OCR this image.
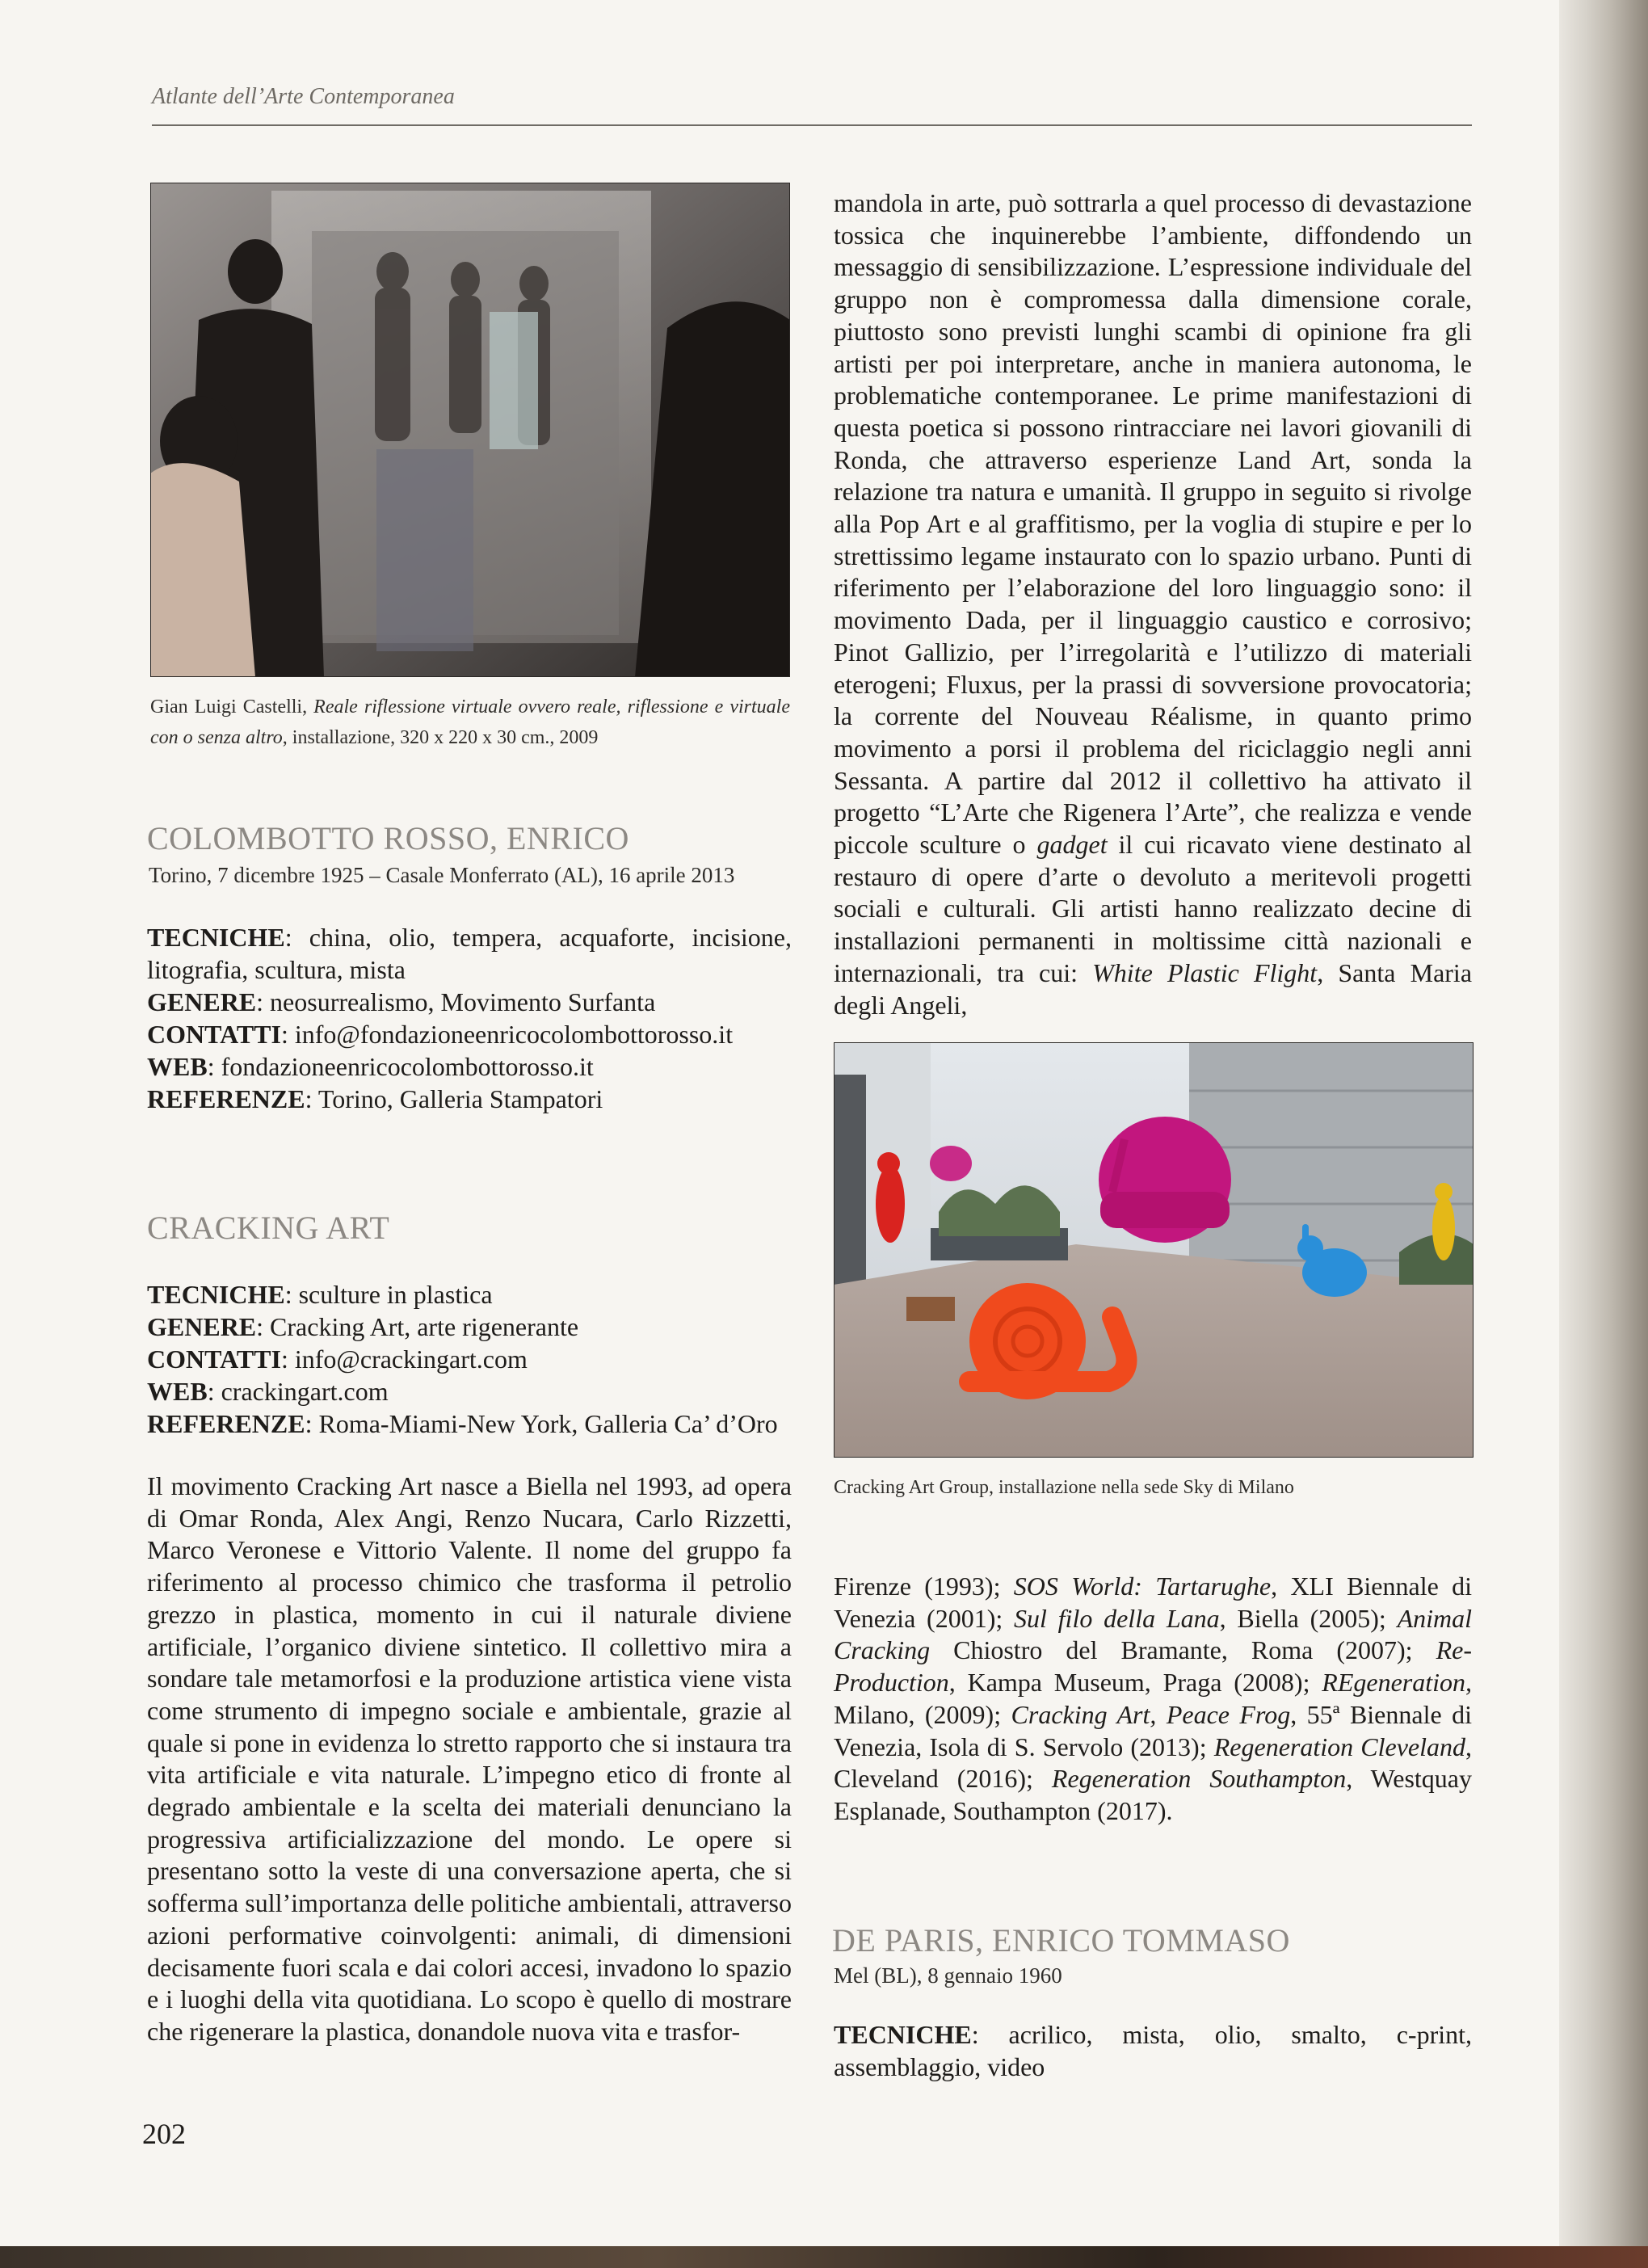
Atlante dell’Arte Contemporanea
Gian Luigi Castelli, Reale riflessione virtuale ovvero reale, riflessione e virtuale con o senza altro, installazione, 320 x 220 x 30 cm., 2009
COLOMBOTTO ROSSO, ENRICO
Torino, 7 dicembre 1925 – Casale Monferrato (AL), 16 aprile 2013
TECNICHE: china, olio, tempera, acquaforte, incisione, litografia, scultura, mista
GENERE: neosurrealismo, Movimento Surfanta
CONTATTI: info@fondazioneenricocolombottorosso.it
WEB: fondazioneenricocolombottorosso.it
REFERENZE: Torino, Galleria Stampatori
CRACKING ART
TECNICHE: sculture in plastica
GENERE: Cracking Art, arte rigenerante
CONTATTI: info@crackingart.com
WEB: crackingart.com
REFERENZE: Roma-Miami-New York, Galleria Ca’ d’Oro
Il movimento Cracking Art nasce a Biella nel 1993, ad opera di Omar Ronda, Alex Angi, Renzo Nucara, Carlo Rizzetti, Marco Veronese e Vittorio Valente. Il nome del gruppo fa riferimento al processo chimico che trasforma il petrolio grezzo in plastica, momento in cui il naturale diviene artificiale, l’organico diviene sintetico. Il collettivo mira a sondare tale metamorfosi e la produzione artistica viene vista come strumento di impegno sociale e ambientale, grazie al quale si pone in evidenza lo stretto rapporto che si instaura tra vita artificiale e vita naturale. L’impegno etico di fronte al degrado ambientale e la scelta dei materiali denunciano la progressiva artificializzazione del mondo. Le opere si presentano sotto la veste di una conversazione aperta, che si sofferma sull’importanza delle politiche ambientali, attraverso azioni performative coinvolgenti: animali, di dimensioni decisamente fuori scala e dai colori accesi, invadono lo spazio e i luoghi della vita quotidiana. Lo scopo è quello di mostrare che rigenerare la plastica, donandole nuova vita e trasfor-
mandola in arte, può sottrarla a quel processo di devastazione tossica che inquinerebbe l’ambiente, diffondendo un messaggio di sensibilizzazione. L’espressione individuale del gruppo non è compromessa dalla dimensione corale, piuttosto sono previsti lunghi scambi di opinione fra gli artisti per poi interpretare, anche in maniera autonoma, le problematiche contemporanee. Le prime manifestazioni di questa poetica si possono rintracciare nei lavori giovanili di Ronda, che attraverso esperienze Land Art, sonda la relazione tra natura e umanità. Il gruppo in seguito si rivolge alla Pop Art e al graffitismo, per la voglia di stupire e per lo strettissimo legame instaurato con lo spazio urbano. Punti di riferimento per l’elaborazione del loro linguaggio sono: il movimento Dada, per il linguaggio caustico e corrosivo; Pinot Gallizio, per l’irregolarità e l’utilizzo di materiali eterogeni; Fluxus, per la prassi di sovversione provocatoria; la corrente del Nouveau Réalisme, in quanto primo movimento a porsi il problema del riciclaggio negli anni Sessanta. A partire dal 2012 il collettivo ha attivato il progetto “L’Arte che Rigenera l’Arte”, che realizza e vende piccole sculture o gadget il cui ricavato viene destinato al restauro di opere d’arte o devoluto a meritevoli progetti sociali e culturali. Gli artisti hanno realizzato decine di installazioni permanenti in moltissime città nazionali e internazionali, tra cui: White Plastic Flight, Santa Maria degli Angeli,
Cracking Art Group, installazione nella sede Sky di Milano
Firenze (1993); SOS World: Tartarughe, XLI Biennale di Venezia (2001); Sul filo della Lana, Biella (2005); Animal Cracking Chiostro del Bramante, Roma (2007); Re-Production, Kampa Museum, Praga (2008); REgeneration, Milano, (2009); Cracking Art, Peace Frog, 55ª Biennale di Venezia, Isola di S. Servolo (2013); Regeneration Cleveland, Cleveland (2016); Regeneration Southampton, Westquay Esplanade, Southampton (2017).
DE PARIS, ENRICO TOMMASO
Mel (BL), 8 gennaio 1960
TECNICHE: acrilico, mista, olio, smalto, c-print, assemblaggio, video
202
